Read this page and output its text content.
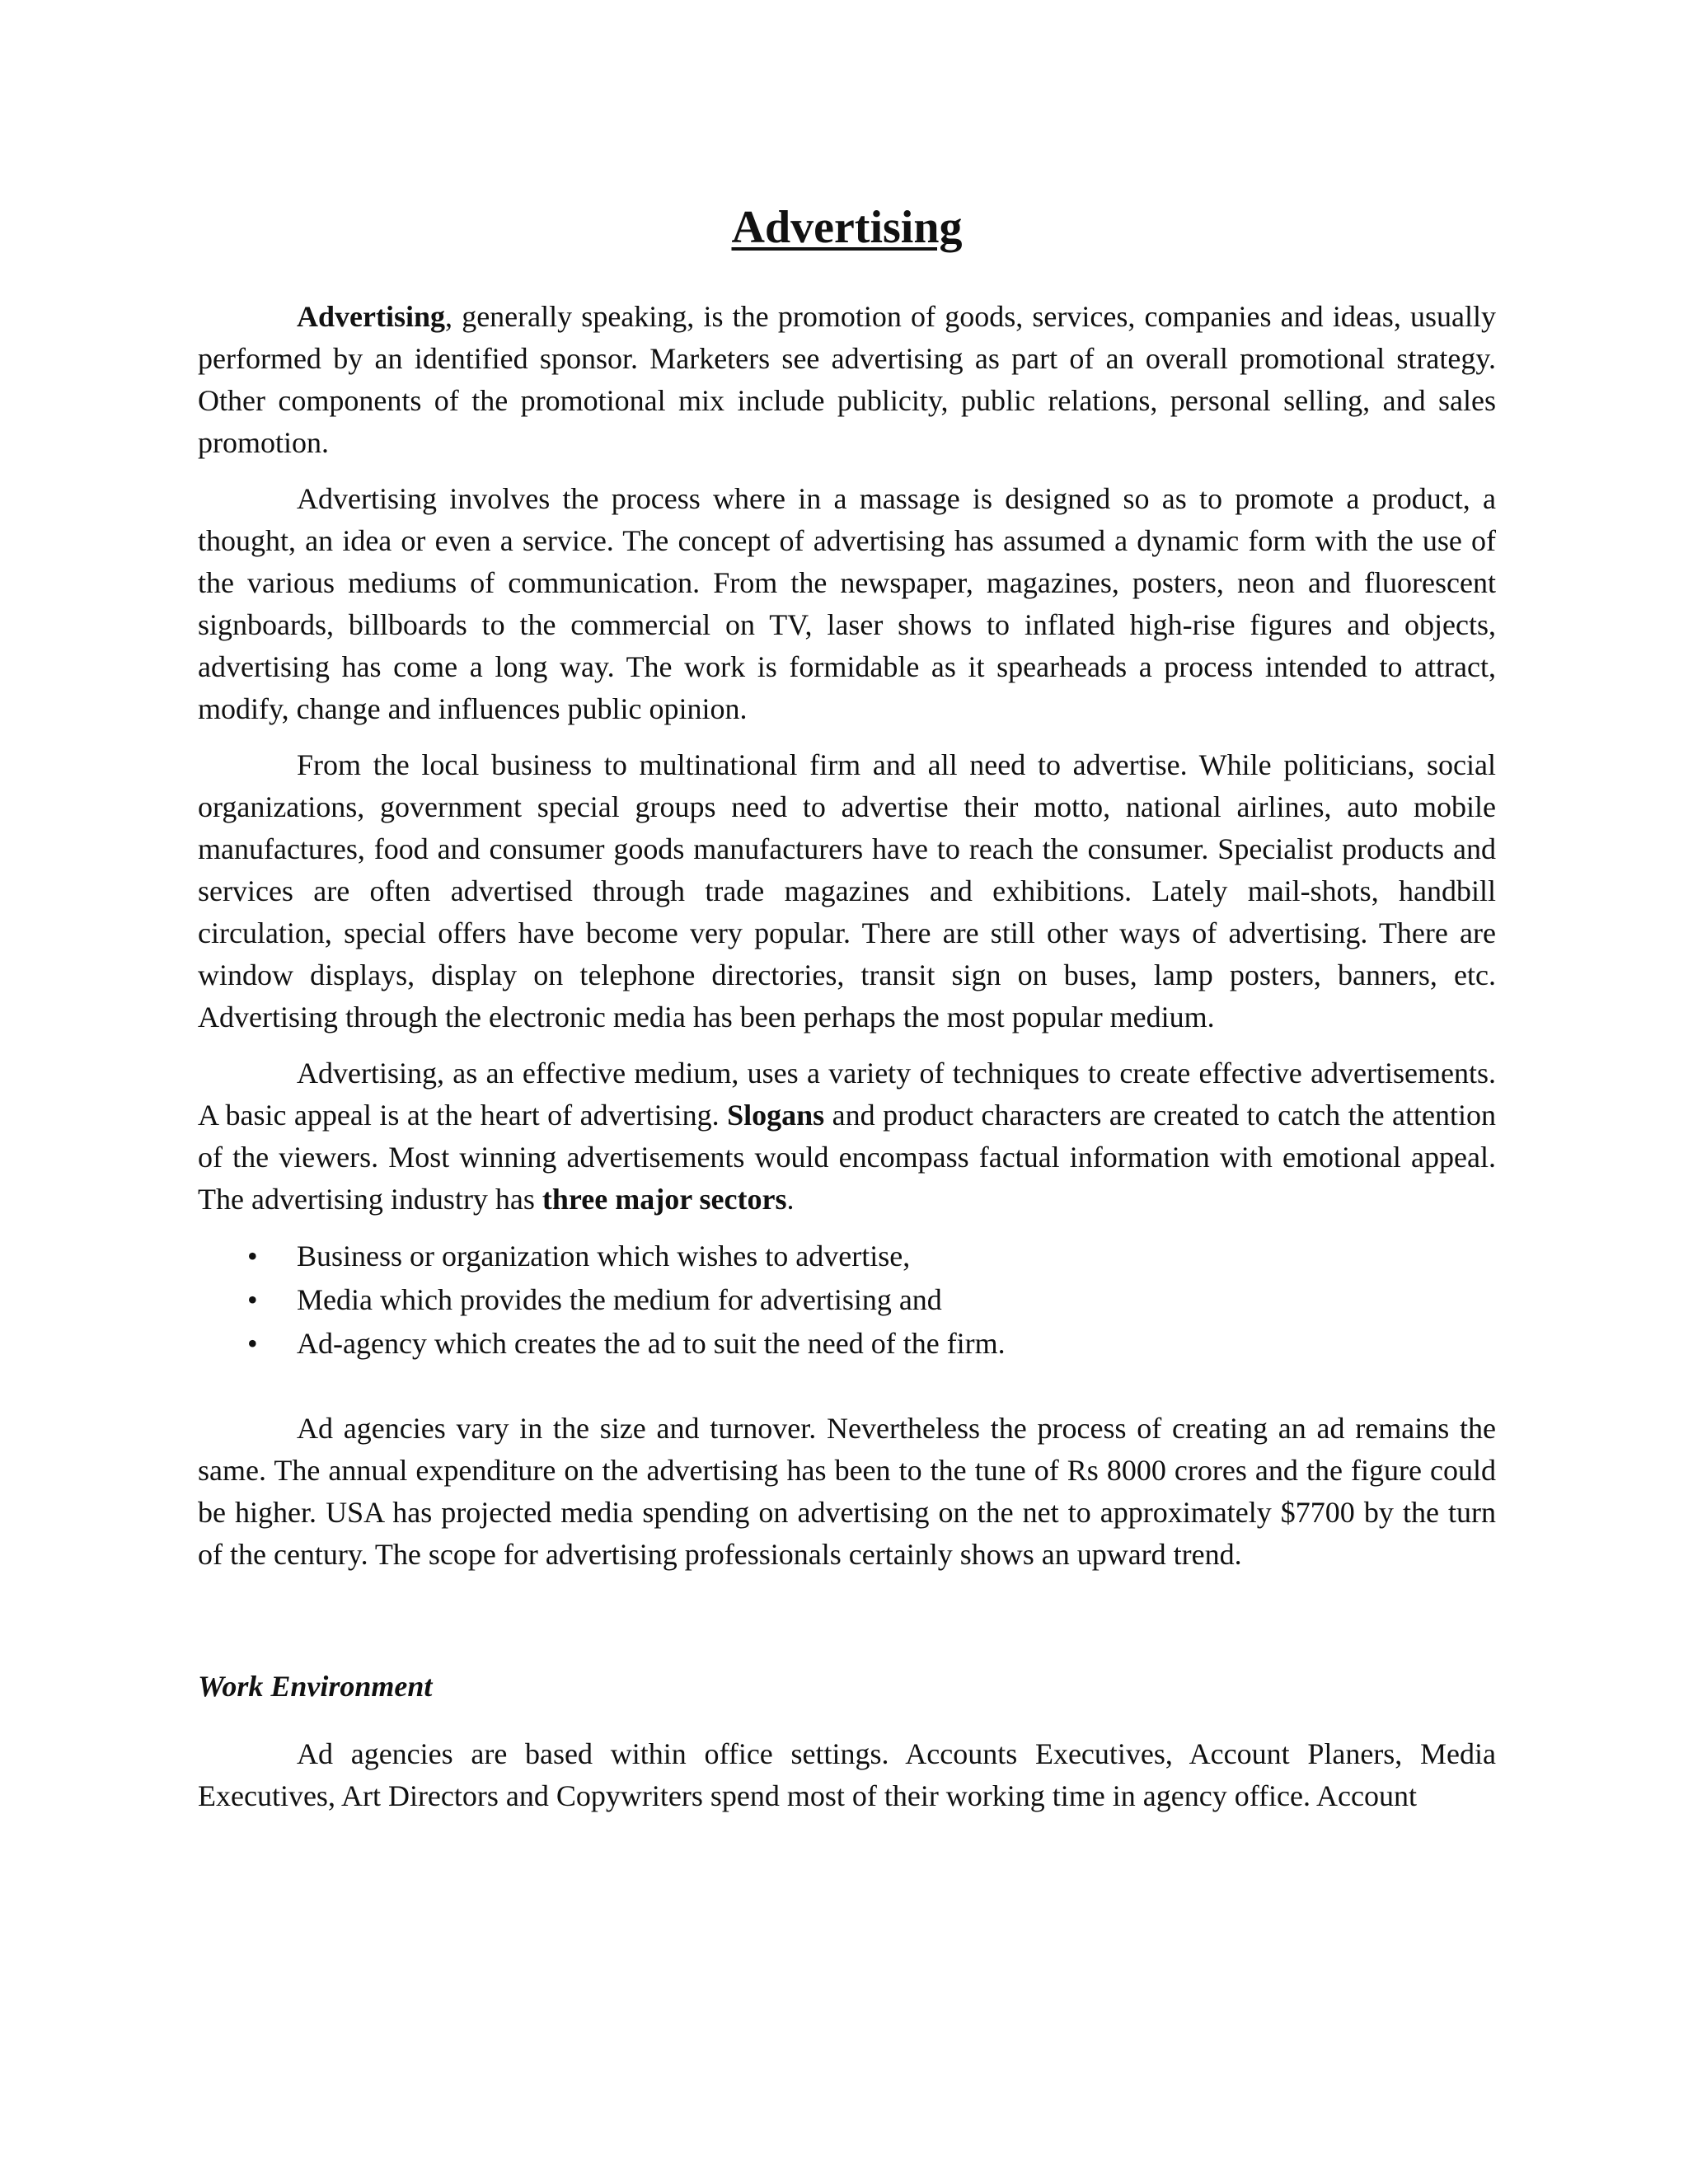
Advertising

Advertising, generally speaking, is the promotion of goods, services, companies and ideas, usually performed by an identified sponsor. Marketers see advertising as part of an overall promotional strategy. Other components of the promotional mix include publicity, public relations, personal selling, and sales promotion.

Advertising involves the process where in a massage is designed so as to promote a product, a thought, an idea or even a service. The concept of advertising has assumed a dynamic form with the use of the various mediums of communication. From the newspaper, magazines, posters, neon and fluorescent signboards, billboards to the commercial on TV, laser shows to inflated high-rise figures and objects, advertising has come a long way. The work is formidable as it spearheads a process intended to attract, modify, change and influences public opinion.

From the local business to multinational firm and all need to advertise. While politicians, social organizations, government special groups need to advertise their motto, national airlines, auto mobile manufactures, food and consumer goods manufacturers have to reach the consumer. Specialist products and services are often advertised through trade magazines and exhibitions. Lately mail-shots, handbill circulation, special offers have become very popular. There are still other ways of advertising. There are window displays, display on telephone directories, transit sign on buses, lamp posters, banners, etc. Advertising through the electronic media has been perhaps the most popular medium.

Advertising, as an effective medium, uses a variety of techniques to create effective advertisements. A basic appeal is at the heart of advertising. Slogans and product characters are created to catch the attention of the viewers. Most winning advertisements would encompass factual information with emotional appeal. The advertising industry has three major sectors.

• Business or organization which wishes to advertise,
• Media which provides the medium for advertising and
• Ad-agency which creates the ad to suit the need of the firm.

Ad agencies vary in the size and turnover. Nevertheless the process of creating an ad remains the same. The annual expenditure on the advertising has been to the tune of Rs 8000 crores and the figure could be higher. USA has projected media spending on advertising on the net to approximately $7700 by the turn of the century. The scope for advertising professionals certainly shows an upward trend.

Work Environment

Ad agencies are based within office settings. Accounts Executives, Account Planers, Media Executives, Art Directors and Copywriters spend most of their working time in agency office. Account
